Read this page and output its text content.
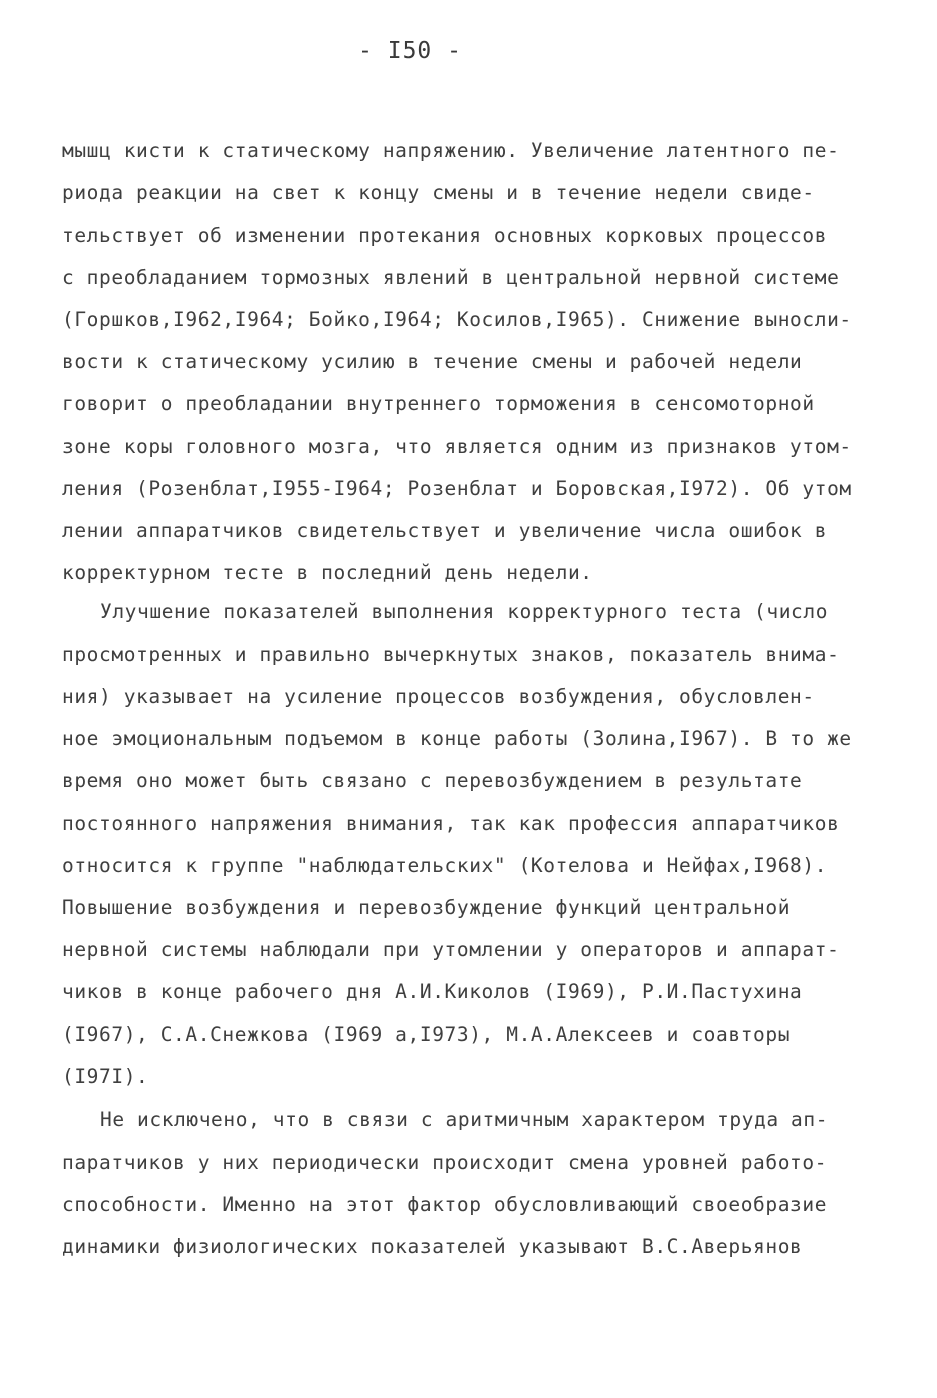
- I50 -
мышц кисти к статическому напряжению. Увеличение латентного пе-
риода реакции на свет к концу смены и в течение недели свиде-
тельствует об изменении протекания основных корковых процессов
с преобладанием тормозных явлений в центральной нервной системе
(Горшков,I962,I964; Бойко,I964; Косилов,I965). Снижение выносли-
вости к статическому усилию в течение смены и рабочей недели
говорит о преобладании внутреннего торможения в сенсомоторной
зоне коры головного мозга, что является одним из признаков утом-
ления (Розенблат,I955-I964; Розенблат и Боровская,I972). Об утом
лении аппаратчиков свидетельствует и увеличение числа ошибок в
корректурном тесте в последний день недели.
Улучшение показателей выполнения корректурного теста (число
просмотренных и правильно вычеркнутых знаков, показатель внима-
ния) указывает на усиление процессов возбуждения, обусловлен-
ное эмоциональным подъемом в конце работы (Золина,I967). В то же
время оно может быть связано с перевозбуждением в результате
постоянного напряжения внимания, так как профессия аппаратчиков
относится к группе "наблюдательских" (Котелова и Нейфах,I968).
Повышение возбуждения и перевозбуждение функций центральной
нервной системы наблюдали при утомлении у операторов и аппарат-
чиков в конце рабочего дня А.И.Киколов (I969), Р.И.Пастухина
(I967), С.А.Снежкова (I969 а,I973), М.А.Алексеев и соавторы
(I97I).
Не исключено, что в связи с аритмичным характером труда ап-
паратчиков у них периодически происходит смена уровней работо-
способности. Именно на этот фактор обусловливающий своеобразие
динамики физиологических показателей указывают В.С.Аверьянов
